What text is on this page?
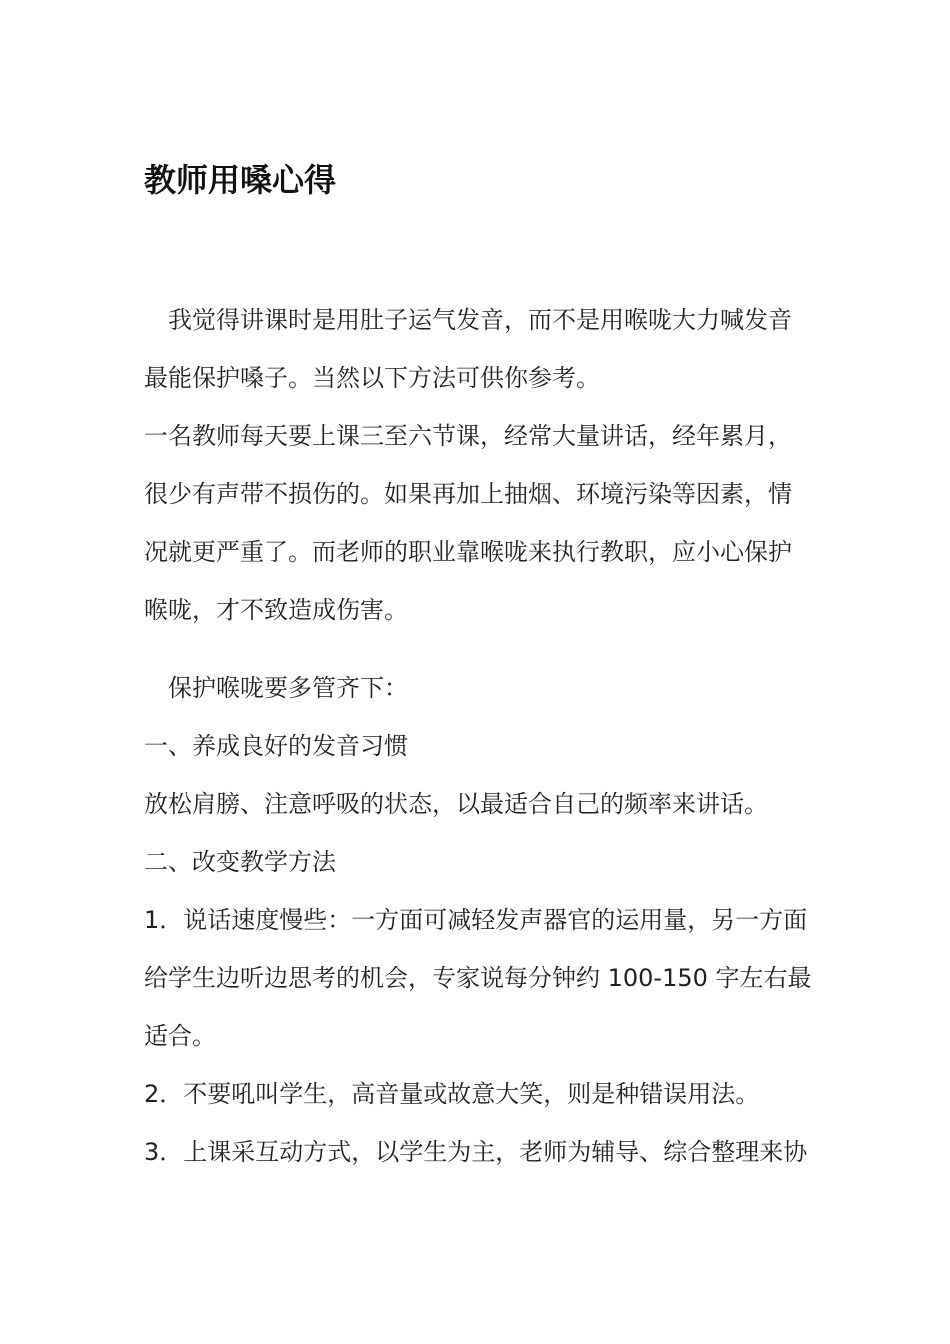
教师用嗓心得
　我觉得讲课时是用肚子运气发音，而不是用喉咙大力喊发音
最能保护嗓子。当然以下方法可供你参考。
一名教师每天要上课三至六节课，经常大量讲话，经年累月，
很少有声带不损伤的。如果再加上抽烟、环境污染等因素，情
况就更严重了。而老师的职业靠喉咙来执行教职，应小心保护
喉咙，才不致造成伤害。
　保护喉咙要多管齐下：
一、养成良好的发音习惯
放松肩膀、注意呼吸的状态，以最适合自己的频率来讲话。
二、改变教学方法
1．说话速度慢些：一方面可减轻发声器官的运用量，另一方面
给学生边听边思考的机会，专家说每分钟约 100-150 字左右最
适合。
2．不要吼叫学生，高音量或故意大笑，则是种错误用法。
3．上课采互动方式，以学生为主，老师为辅导、综合整理来协
